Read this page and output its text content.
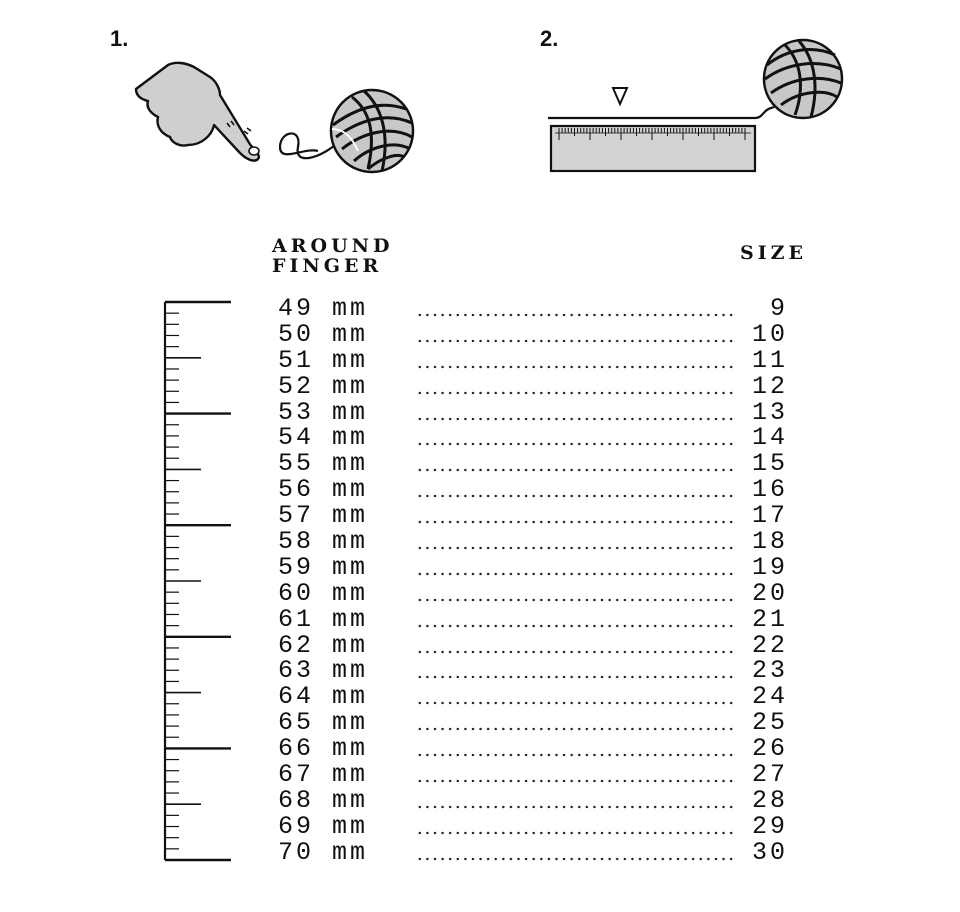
1.	2.
AROUND
FINGER
SIZE
49 mm	9
50 mm	10
51 mm	11
52 mm	12
53 mm	13
54 mm	14
55 mm	15
56 mm	16
57 mm	17
58 mm	18
59 mm	19
60 mm	20
61 mm	21
62 mm	22
63 mm	23
64 mm	24
65 mm	25
66 mm	26
67 mm	27
68 mm	28
69 mm	29
70 mm	30
